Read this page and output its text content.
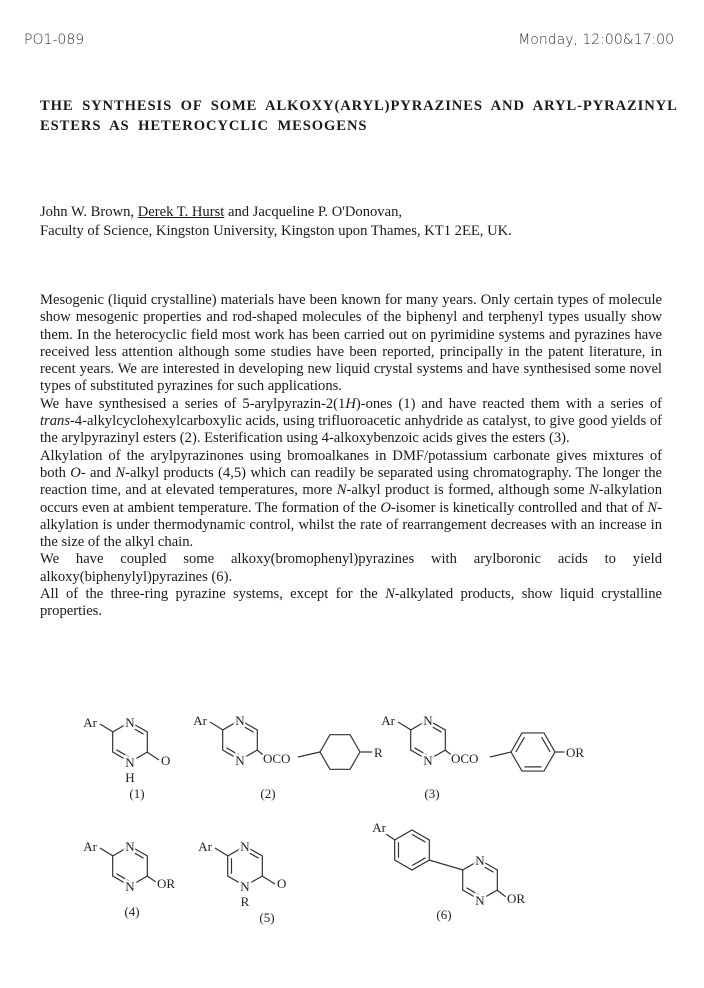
PO1-089	Monday, 12:00&17:00
THE SYNTHESIS OF SOME ALKOXY(ARYL)PYRAZINES AND ARYL-PYRAZINYL ESTERS AS HETEROCYCLIC MESOGENS
John W. Brown, Derek T. Hurst and Jacqueline P. O'Donovan,
Faculty of Science, Kingston University, Kingston upon Thames, KT1 2EE, UK.

Mesogenic (liquid crystalline) materials have been known for many years. Only certain types of molecule show mesogenic properties and rod-shaped molecules of the biphenyl and terphenyl types usually show them. In the heterocyclic field most work has been carried out on pyrimidine systems and pyrazines have received less attention although some studies have been reported, principally in the patent literature, in recent years. We are interested in developing new liquid crystal systems and have synthesised some novel types of substituted pyrazines for such applications.

We have synthesised a series of 5-arylpyrazin-2(1H)-ones (1) and have reacted them with a series of trans-4-alkylcyclohexylcarboxylic acids, using trifluoroacetic anhydride as catalyst, to give good yields of the arylpyrazinyl esters (2). Esterification using 4-alkoxybenzoic acids gives the esters (3).

Alkylation of the arylpyrazinones using bromoalkanes in DMF/potassium carbonate gives mixtures of both O- and N-alkyl products (4,5) which can readily be separated using chromatography. The longer the reaction time, and at elevated temperatures, more N-alkyl product is formed, although some N-alkylation occurs even at ambient temperature. The formation of the O-isomer is kinetically controlled and that of N-alkylation is under thermodynamic control, whilst the rate of rearrangement decreases with an increase in the size of the alkyl chain.

We have coupled some alkoxy(bromophenyl)pyrazines with arylboronic acids to yield alkoxy(biphenylyl)pyrazines (6).

All of the three-ring pyrazine systems, except for the N-alkylated products, show liquid crystalline properties.

Ar N
N
H
O
(1)
Ar N
N OCO	R
(2)
Ar N
N OCO	OR
(3)
Ar N
N OR
(4)
Ar N
N
R
O
(5)
Ar
N
N OR
(6)
